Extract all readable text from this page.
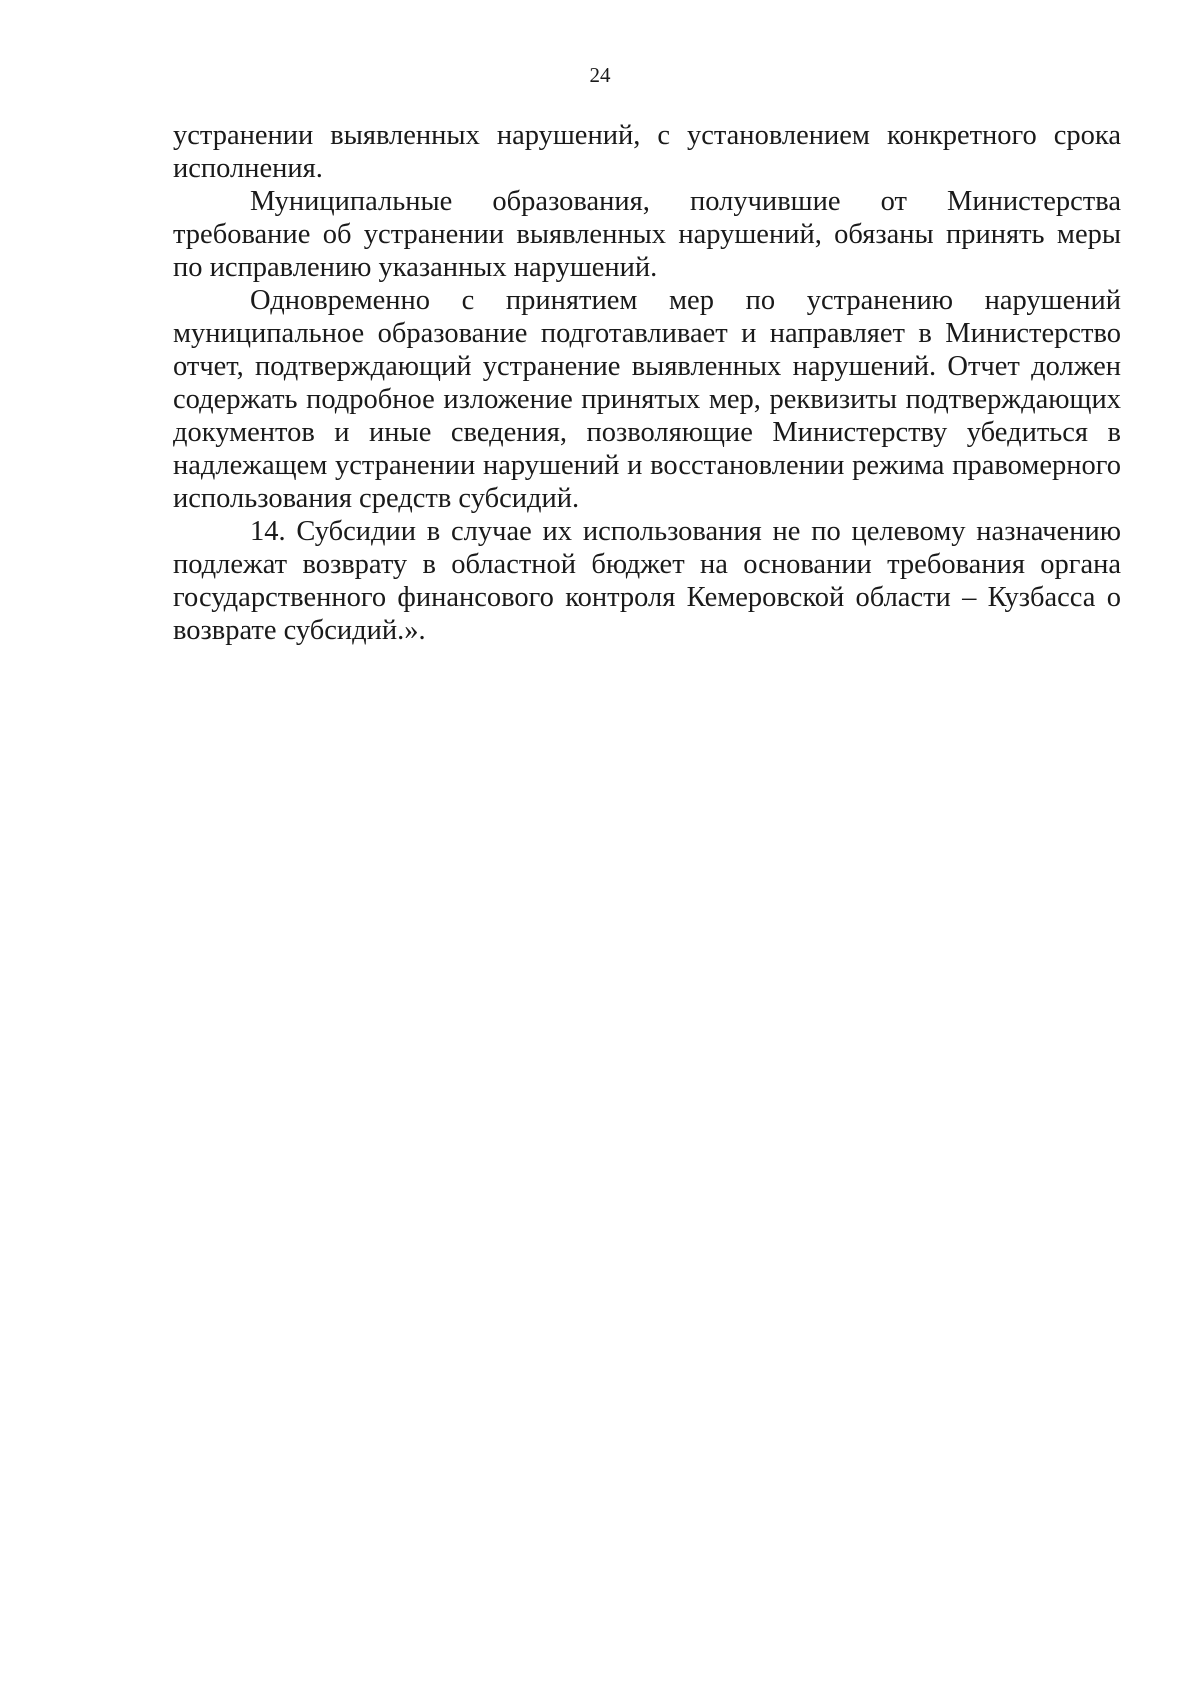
24

устранении выявленных нарушений, с установлением конкретного срока исполнения.

Муниципальные образования, получившие от Министерства требование об устранении выявленных нарушений, обязаны принять меры по исправлению указанных нарушений.

Одновременно с принятием мер по устранению нарушений муниципальное образование подготавливает и направляет в Министерство отчет, подтверждающий устранение выявленных нарушений. Отчет должен содержать подробное изложение принятых мер, реквизиты подтверждающих документов и иные сведения, позволяющие Министерству убедиться в надлежащем устранении нарушений и восстановлении режима правомерного использования средств субсидий.

14. Субсидии в случае их использования не по целевому назначению подлежат возврату в областной бюджет на основании требования органа государственного финансового контроля Кемеровской области – Кузбасса о возврате субсидий.».
